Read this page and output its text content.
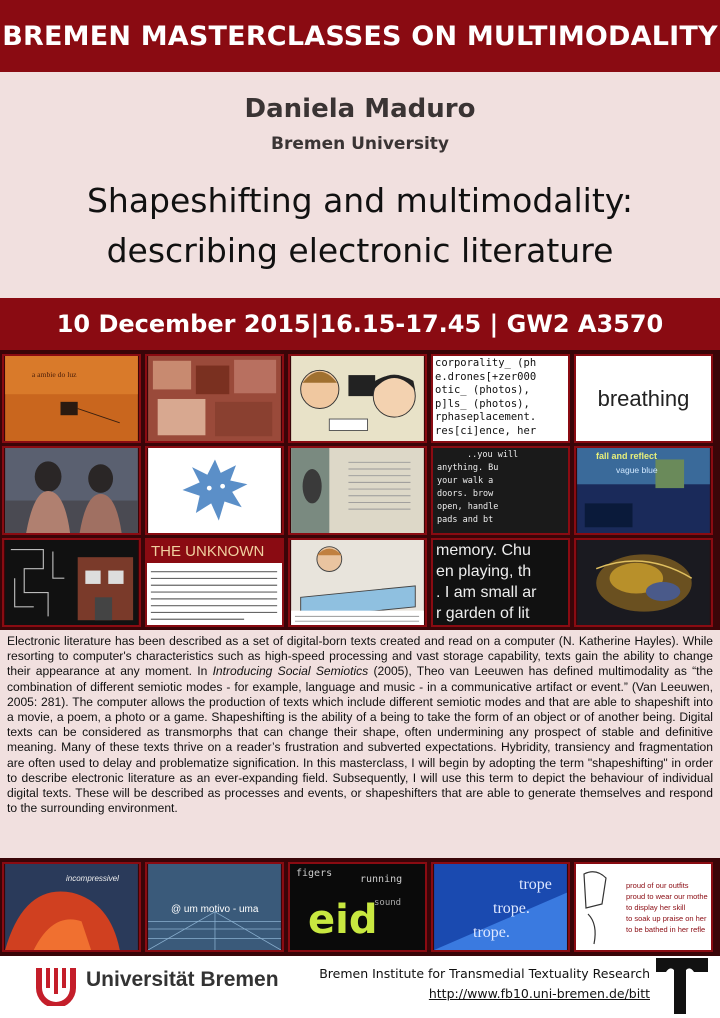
BREMEN MASTERCLASSES ON MULTIMODALITY
Daniela Maduro
Bremen University
Shapeshifting and multimodality:
describing electronic literature
10 December 2015|16.15-17.45 | GW2 A3570
a ambie do luz
corporality_ (ph
e.drones[+zer000
otic_ (photos),
p]ls_ (photos),
rphaseplacement.
res[ci]ence, her
breathing
..you will
anything. Bu
your walk a
doors. brow
open, handle
pads and bt
fall and reflect
vague blue
THE UNKNOWN	memory. Chu
en playing, th
. I am small ar
r garden of lit

Electronic literature has been described as a set of digital-born texts created and read on a computer (N. Katherine Hayles). While resorting to computer's characteristics such as high-speed processing and vast storage capability, texts gain the ability to change their appearance at any moment. In Introducing Social Semiotics (2005), Theo van Leeuwen has defined multimodality as “the combination of different semiotic modes - for example, language and music - in a communicative artifact or event.” (Van Leeuwen, 2005: 281). The computer allows the production of texts which include different semiotic modes and that are able to shapeshift into a movie, a poem, a photo or a game. Shapeshifting is the ability of a being to take the form of an object or of another being. Digital texts can be considered as transmorphs that can change their shape, often undermining any prospect of stable and definitive meaning. Many of these texts thrive on a reader’s frustration and subverted expectations. Hybridity, transiency and fragmentation are often used to delay and problematize signification. In this masterclass, I will begin by adopting the term "shapeshifting" in order to describe electronic literature as an ever-expanding field. Subsequently, I will use this term to depict the behaviour of individual digital texts. These will be described as processes and events, or shapeshifters that are able to generate themselves and respond to the surrounding environment.

incompressivel
@ um motivo - uma
figers
running
sound
eid
trope
trope.
trope.
proud of our outfits
proud to wear our mothe
to display her skill
to soak up praise on her
to be bathed in her refle
Universität Bremen	Bremen Institute for Transmedial Textuality Research
http://www.fb10.uni-bremen.de/bitt
